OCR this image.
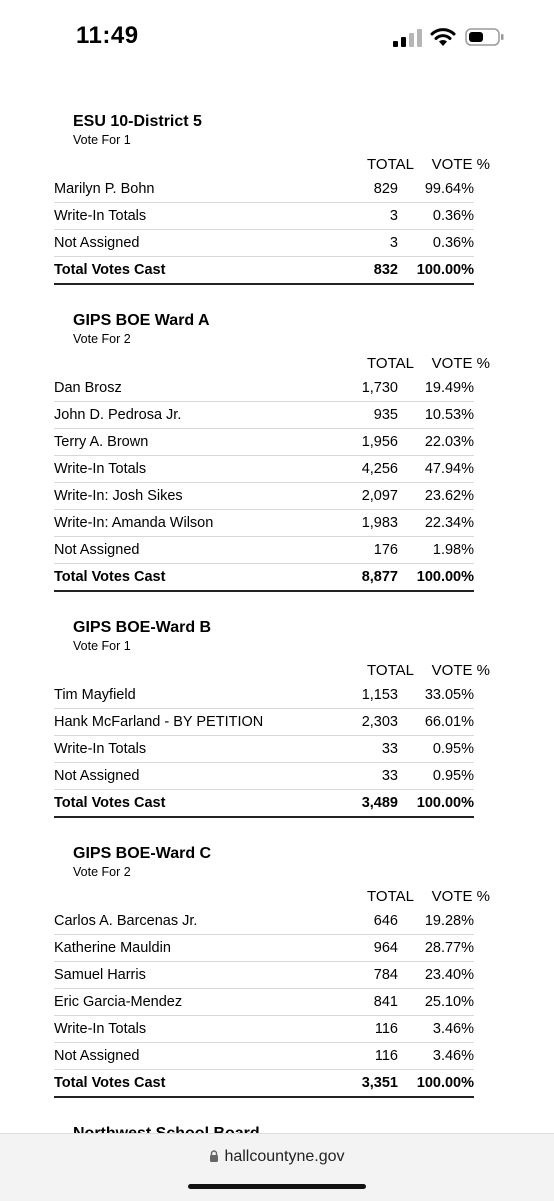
11:49
ESU 10-District 5
Vote For 1
TOTAL	VOTE %
Marilyn P. Bohn	829	99.64%
Write-In Totals	3	0.36%
Not Assigned	3	0.36%
Total Votes Cast	832	100.00%
GIPS BOE Ward A
Vote For 2
TOTAL	VOTE %
Dan Brosz	1,730	19.49%
John D. Pedrosa Jr.	935	10.53%
Terry A. Brown	1,956	22.03%
Write-In Totals	4,256	47.94%
Write-In: Josh Sikes	2,097	23.62%
Write-In: Amanda Wilson	1,983	22.34%
Not Assigned	176	1.98%
Total Votes Cast	8,877	100.00%
GIPS BOE-Ward B
Vote For 1
TOTAL	VOTE %
Tim Mayfield	1,153	33.05%
Hank McFarland - BY PETITION	2,303	66.01%
Write-In Totals	33	0.95%
Not Assigned	33	0.95%
Total Votes Cast	3,489	100.00%
GIPS BOE-Ward C
Vote For 2
TOTAL	VOTE %
Carlos A. Barcenas Jr.	646	19.28%
Katherine Mauldin	964	28.77%
Samuel Harris	784	23.40%
Eric Garcia-Mendez	841	25.10%
Write-In Totals	116	3.46%
Not Assigned	116	3.46%
Total Votes Cast	3,351	100.00%
hallcountyne.gov
